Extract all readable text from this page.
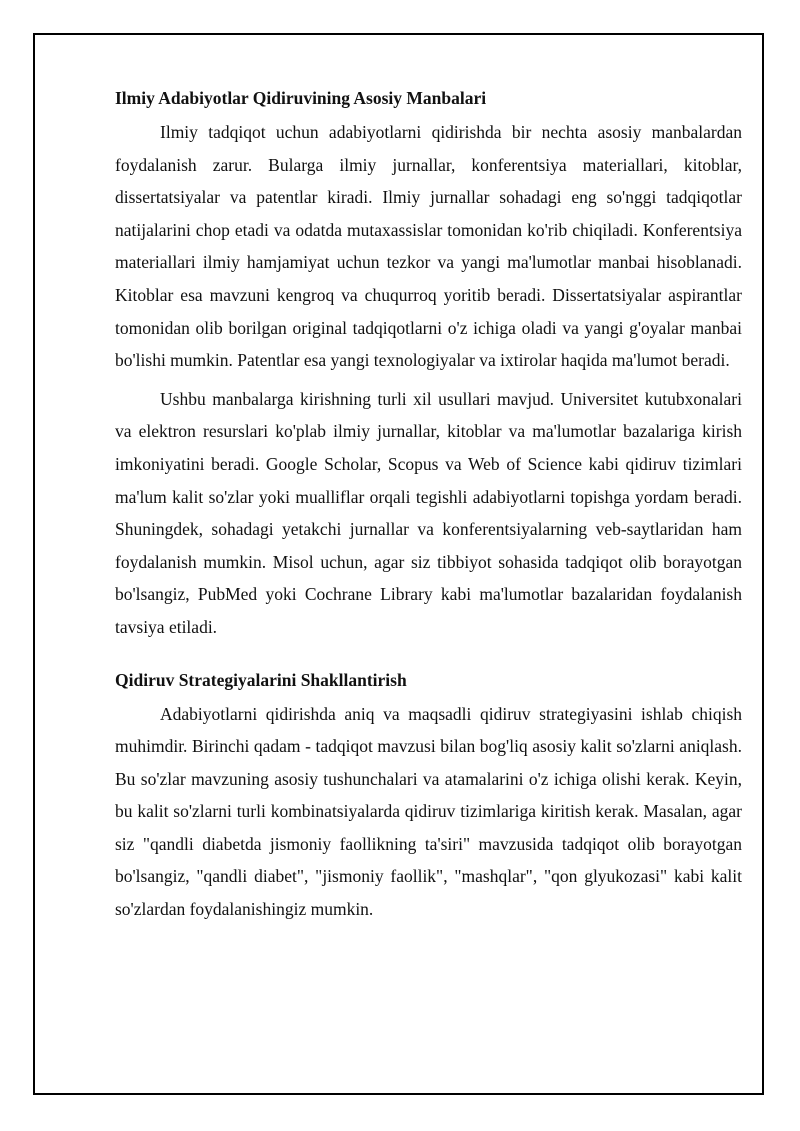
Ilmiy Adabiyotlar Qidiruvining Asosiy Manbalari

Ilmiy tadqiqot uchun adabiyotlarni qidirishda bir nechta asosiy manbalardan foydalanish zarur. Bularga ilmiy jurnallar, konferentsiya materiallari, kitoblar, dissertatsiyalar va patentlar kiradi. Ilmiy jurnallar sohadagi eng so'nggi tadqiqotlar natijalarini chop etadi va odatda mutaxassislar tomonidan ko'rib chiqiladi. Konferentsiya materiallari ilmiy hamjamiyat uchun tezkor va yangi ma'lumotlar manbai hisoblanadi. Kitoblar esa mavzuni kengroq va chuqurroq yoritib beradi. Dissertatsiyalar aspirantlar tomonidan olib borilgan original tadqiqotlarni o'z ichiga oladi va yangi g'oyalar manbai bo'lishi mumkin. Patentlar esa yangi texnologiyalar va ixtirolar haqida ma'lumot beradi.

Ushbu manbalarga kirishning turli xil usullari mavjud. Universitet kutubxonalari va elektron resurslari ko'plab ilmiy jurnallar, kitoblar va ma'lumotlar bazalariga kirish imkoniyatini beradi. Google Scholar, Scopus va Web of Science kabi qidiruv tizimlari ma'lum kalit so'zlar yoki mualliflar orqali tegishli adabiyotlarni topishga yordam beradi. Shuningdek, sohadagi yetakchi jurnallar va konferentsiyalarning veb-saytlaridan ham foydalanish mumkin. Misol uchun, agar siz tibbiyot sohasida tadqiqot olib borayotgan bo'lsangiz, PubMed yoki Cochrane Library kabi ma'lumotlar bazalaridan foydalanish tavsiya etiladi.

Qidiruv Strategiyalarini Shakllantirish

Adabiyotlarni qidirishda aniq va maqsadli qidiruv strategiyasini ishlab chiqish muhimdir. Birinchi qadam - tadqiqot mavzusi bilan bog'liq asosiy kalit so'zlarni aniqlash. Bu so'zlar mavzuning asosiy tushunchalari va atamalarini o'z ichiga olishi kerak. Keyin, bu kalit so'zlarni turli kombinatsiyalarda qidiruv tizimlariga kiritish kerak. Masalan, agar siz "qandli diabetda jismoniy faollikning ta'siri" mavzusida tadqiqot olib borayotgan bo'lsangiz, "qandli diabet", "jismoniy faollik", "mashqlar", "qon glyukozasi" kabi kalit so'zlardan foydalanishingiz mumkin.
